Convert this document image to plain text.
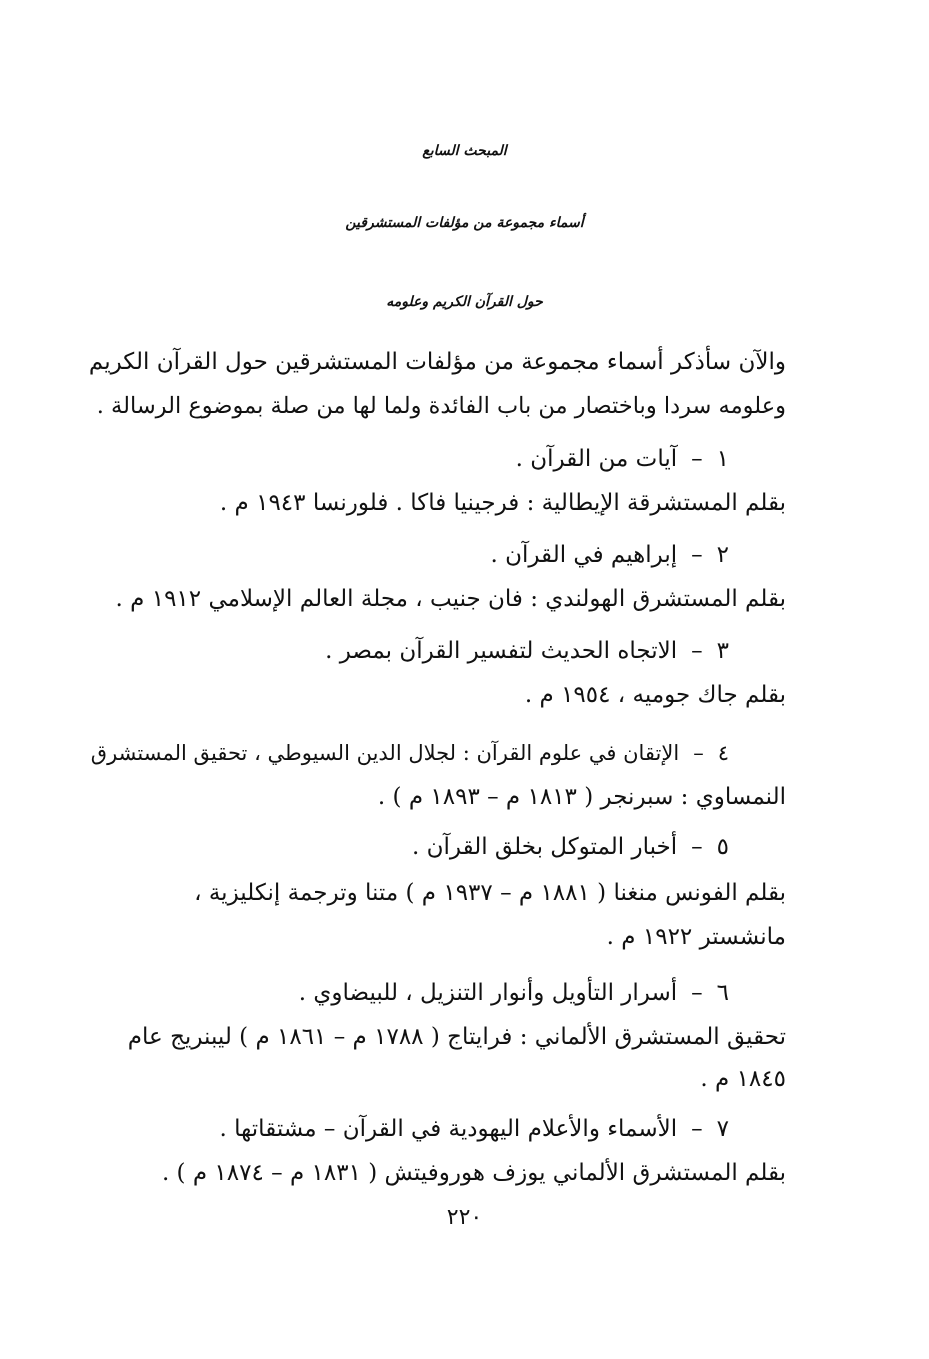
المبحث السابع
أسماء مجموعة من مؤلفات المستشرقين
حول القرآن الكريم وعلومه
والآن سأذكر أسماء مجموعة من مؤلفات المستشرقين حول القرآن الكريم
وعلومه سردا وباختصار من باب الفائدة ولما لها من صلة بموضوع الرسالة .
١–آيات من القرآن .
بقلم المستشرقة الإيطالية : فرجينيا فاكا . فلورنسا ١٩٤٣ م .
٢–إبراهيم في القرآن .
بقلم المستشرق الهولندي : فان جنيب ، مجلة العالم الإسلامي ١٩١٢ م .
٣–الاتجاه الحديث لتفسير القرآن بمصر .
بقلم جاك جوميه ، ١٩٥٤ م .
٤–الإتقان في علوم القرآن : لجلال الدين السيوطي ، تحقيق المستشرق
النمساوي : سبرنجر ( ١٨١٣ م – ١٨٩٣ م ) .
٥–أخبار المتوكل بخلق القرآن .
بقلم الفونس منغنا ( ١٨٨١ م – ١٩٣٧ م ) متنا وترجمة إنكليزية ،
مانشستر ١٩٢٢ م .
٦–أسرار التأويل وأنوار التنزيل ، للبيضاوي .
تحقيق المستشرق الألماني : فرايتاج ( ١٧٨٨ م – ١٨٦١ م ) ليبنريج عام
١٨٤٥ م .
٧–الأسماء والأعلام اليهودية في القرآن – مشتقاتها .
بقلم المستشرق الألماني يوزف هوروفيتش ( ١٨٣١ م – ١٨٧٤ م ) .
٢٢٠
